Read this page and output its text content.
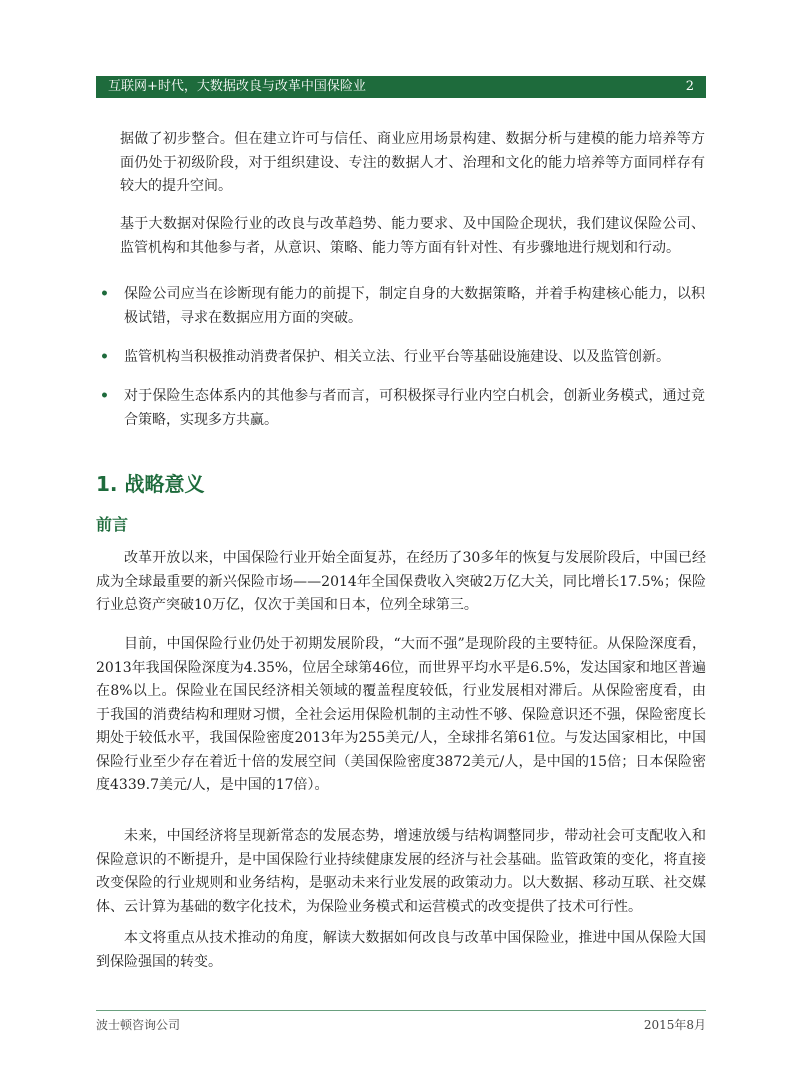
互联网+时代，大数据改良与改革中国保险业	2

据做了初步整合。但在建立许可与信任、商业应用场景构建、数据分析与建模的能力培养等方面仍处于初级阶段，对于组织建设、专注的数据人才、治理和文化的能力培养等方面同样存有较大的提升空间。

基于大数据对保险行业的改良与改革趋势、能力要求、及中国险企现状，我们建议保险公司、监管机构和其他参与者，从意识、策略、能力等方面有针对性、有步骤地进行规划和行动。

• 保险公司应当在诊断现有能力的前提下，制定自身的大数据策略，并着手构建核心能力，以积极试错，寻求在数据应用方面的突破。
• 监管机构当积极推动消费者保护、相关立法、行业平台等基础设施建设、以及监管创新。
• 对于保险生态体系内的其他参与者而言，可积极探寻行业内空白机会，创新业务模式，通过竞合策略，实现多方共赢。
1. 战略意义
前言

改革开放以来，中国保险行业开始全面复苏，在经历了30多年的恢复与发展阶段后，中国已经成为全球最重要的新兴保险市场——2014年全国保费收入突破2万亿大关，同比增长17.5%；保险行业总资产突破10万亿，仅次于美国和日本，位列全球第三。

目前，中国保险行业仍处于初期发展阶段，“大而不强”是现阶段的主要特征。从保险深度看，2013年我国保险深度为4.35%，位居全球第46位，而世界平均水平是6.5%，发达国家和地区普遍在8%以上。保险业在国民经济相关领域的覆盖程度较低，行业发展相对滞后。从保险密度看，由于我国的消费结构和理财习惯，全社会运用保险机制的主动性不够、保险意识还不强，保险密度长期处于较低水平，我国保险密度2013年为255美元/人，全球排名第61位。与发达国家相比，中国保险行业至少存在着近十倍的发展空间（美国保险密度3872美元/人，是中国的15倍；日本保险密度4339.7美元/人，是中国的17倍）。

未来，中国经济将呈现新常态的发展态势，增速放缓与结构调整同步，带动社会可支配收入和保险意识的不断提升，是中国保险行业持续健康发展的经济与社会基础。监管政策的变化，将直接改变保险的行业规则和业务结构，是驱动未来行业发展的政策动力。以大数据、移动互联、社交媒体、云计算为基础的数字化技术，为保险业务模式和运营模式的改变提供了技术可行性。

本文将重点从技术推动的角度，解读大数据如何改良与改革中国保险业，推进中国从保险大国到保险强国的转变。

波士顿咨询公司	2015年8月
